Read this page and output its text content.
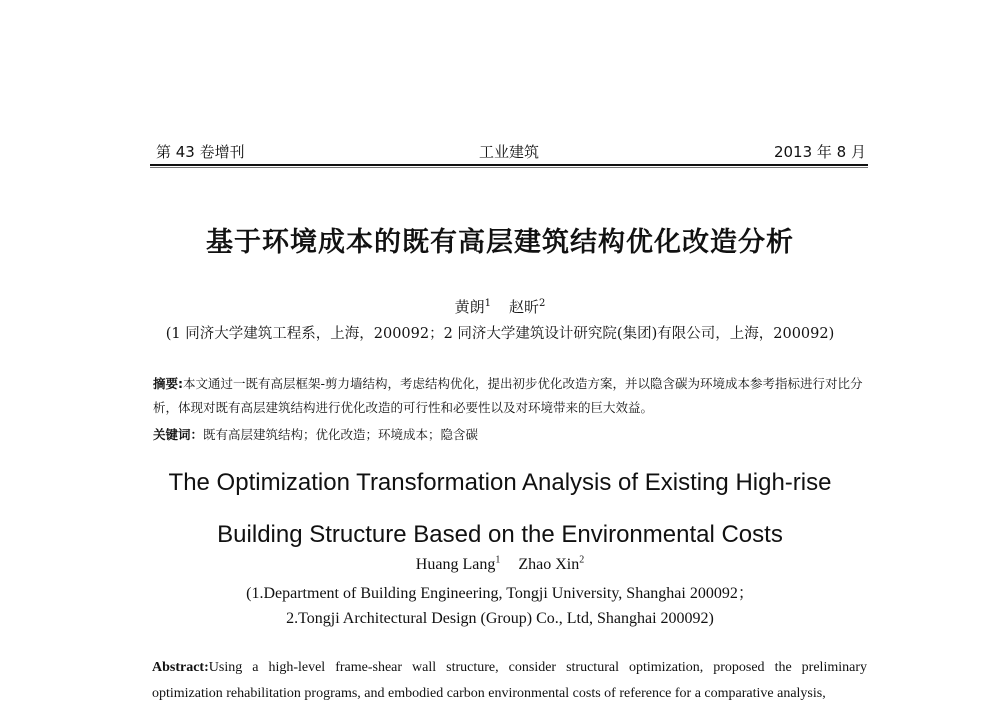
第 43 卷增刊	工业建筑	2013 年 8 月
基于环境成本的既有高层建筑结构优化改造分析
黄朗$^1$ 赵昕$^2$
(1 同济大学建筑工程系，上海，200092；2 同济大学建筑设计研究院(集团)有限公司，上海，200092)
摘要:本文通过一既有高层框架-剪力墙结构，考虑结构优化，提出初步优化改造方案，并以隐含碳为环境成本参考指标进行对比分析，体现对既有高层建筑结构进行优化改造的可行性和必要性以及对环境带来的巨大效益。
关键词：既有高层建筑结构；优化改造；环境成本；隐含碳
The Optimization Transformation Analysis of Existing High-rise
Building Structure Based on the Environmental Costs
Huang Lang$^1$ Zhao Xin$^2$
(1.Department of Building Engineering, Tongji University, Shanghai 200092；
2.Tongji Architectural Design (Group) Co., Ltd, Shanghai 200092)
Abstract:Using a high-level frame-shear wall structure, consider structural optimization, proposed the preliminary optimization rehabilitation programs, and embodied carbon environmental costs of reference for a comparative analysis,
